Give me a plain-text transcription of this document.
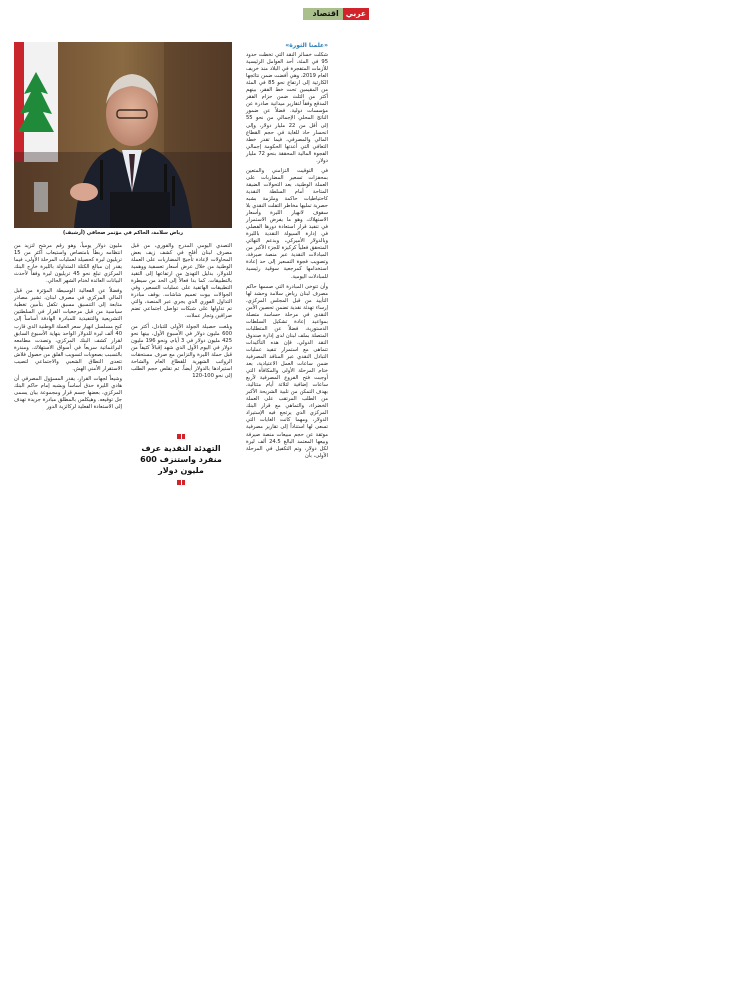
اقتصاد عربي
رياض سلامة، الحاكم في مؤتمر صحافي (أرشيف)
«علمنا الثورة»

شكلت خسائر النقد التي تخطت حدود 95 في المئة، أحد العوامل الرئيسية للأزمات المتفجرة في البلاد منذ خريف العام 2019، وهي أفضت ضمن نتائجها الكارثية إلى ارتفاع نحو 85 في المئة من المقيمين تحت خط الفقر، بينهم أكثر من الثلث ضمن حزام الفقر المدقع وفقاً لتقارير ميدانية صادرة عن مؤسسات دولية. فضلاً عن ضمور الناتج المحلي الإجمالي من نحو 55 إلى أقل من 22 مليار دولار، وإلى انحسار حاد للغاية في حجم القطاع المالي والمصرفي، فيما تقدر خطة التعافي التي أعدتها الحكومة إجمالي الفجوة المالية المحققة بنحو 72 مليار دولار.

في التوقيت التزامني والمتعين بمحفزات تسعير المضاربات على العملة الوطنية، بعد التحولات الضيقة المتاحة أمام السلطة النقدية كاحتياطيات حاكمة وملزمة بشبه حصرية تمليها مخاطر التفلت النقدي بلا سقوف لانهيار الليرة وأسعار الاستهلاك، وهو ما يفرض الاستمرار في تنفيذ قرار استعادة دورها الفصلي في إدارة السيولة النقدية بالليرة وبالدولار الأميركي، وبدعم النهائي المتحقق فعلياً كركيزة للجزء الأكبر من المبادلات النقدية عبر منصة صيرفة، وتصويب فجوة التسعير إلى حد إعادة استخدامها كمرجعية سوقية رئيسية للمبادلات اليومية.

وأن تتوخى المبادرة التي صممها حاكم مصرف لبنان رياض سلامة وحشد لها التأييد من قبل المجلس المركزي، إرساء تهدئة نقدية تضمن تحصين الأمن النقدي في مرحلة حساسة متصلة بمواعيد إعادة تشكيل السلطات الدستورية، فضلاً عن المتطلبات المتصلة بملف لبنان لدى إدارة صندوق النقد الدولي، فإن هذه التأكيدات تتماهى مع استمرار تنفيذ عمليات التبادل النقدي عبر المنافذ المصرفية ضمن ساعات العمل الاعتيادية، بعد ختام المرحلة الأولى والمكافأة التي أوجبت فتح الفروع المصرفية لأربع ساعات إضافية لثلاثة أيام متتالية، بهدف التمكن من تلبية الشريحة الأكبر من الطلب المرتقب على العملة الخضراء، والتماهي مع قرار البنك المركزي الذي يرتجع فيه الإستيراد الدولار، ومهما كانت الغايات التي تسعى لها استناداً إلى تقارير مصرفية موثقة عن حجم مبيعات منصة صيرفة وبيعها المعتمد البالغ 24.5 ألف ليرة لكل دولار، وتم التكفيل في المرحلة الأولى، بأن

التصدي اليومي المدرج والفوري، من قبل مصرف لبنان أفلح في كشف زيف بعض المحاولات لإعادة تأجيج المضاربات على العملة الوطنية من خلال عرض أسعار تعسفية ووهمية للدولار، بدليل التهدئ من ارتفاعها إلى التقيد بالتطبيقات. كما بدا فعالاً إلى الحد من سيطرة التطبيقات الهاتفية على عمليات التسعير، وفي الجوالات بيوت تعميم شاشات. بوقف مبادرة التداول الفوري الذي يجري عبر المنصة، والتي تم تداولها على شبكات تواصل اجتماعي تضم صرافين وتجار عملات.

وبلغت حصيلة الجولة الأولى للتبادل، أكثر من 600 مليون دولار في الأسبوع الأول، بينها نحو 425 مليون دولار في 3 أيام، ونحو 196 مليون دولار في اليوم الأول الذي شهد إقبالاً كثيفاً من قبل حملة الليرة والتزامن مع صرف مستحقات الرواتب الشهرية للقطاع العام والشاحة استيرادها بالدولار أيضاً. ثم تقلص حجم الطلب إلى نحو 100-120

التهدئة النقدية عرف منفرد واستنزف 600 مليون دولار

مليون دولار يومياً، وهو رقم مرشح لتزيد من انتظامه ربطاً بامتصاص واستيعاب أكثر من 15 تريليون ليرة كحصيلة لعمليات المرحلة الأولى، فيما يقدر إن مبالغ الكتلة المتداولة بالليرة خارج البنك المركزي تبلغ نحو 45 تريليون ليرة وفقاً لأحدث البيانات العائدة لختام الشهر الحالي.

وفضلاً عن الفعالية الوسيطة المؤثرة من قبل المالي المركزي في مصرف لبنان، تشير مصادر متابعة إلى التنسيق مسبق تكفل بتأمين تغطية سياسية من قبل مرجعيات القرار في السلطتين التشريعية والتنفيذية للمبادرة الهادفة أساساً إلى كبح مسلسل انهيار سعر العملة الوطنية الذي قارب 40 ألف ليرة للدولار الواحد بنهاية الأسبوع السابق لقرار كشف البنك المركزي، وتصدت مطامعه البراغماتية سريعاً في أسواق الاستهلاك، ومنذرة بالتسبب بصعوبات لتسويب الفلق من حصول فلاش تتعدى النطاق الشعبي والاجتماعي لتصيب الاستقرار الأمني الهش.

وشيعاً لجهات القرار، يقدر المسؤول المصرفي أن هادي الليرة حذق أساساً وبشبه إمام حاكم البنك المركزي، بعضها جسم قرار ومجموعة بيان يسمى جل توقيعه. وهيكلس بالمطلق مبادرة جريدة تهدف إلى الاستعادة الفعلية لركائزية الدور
